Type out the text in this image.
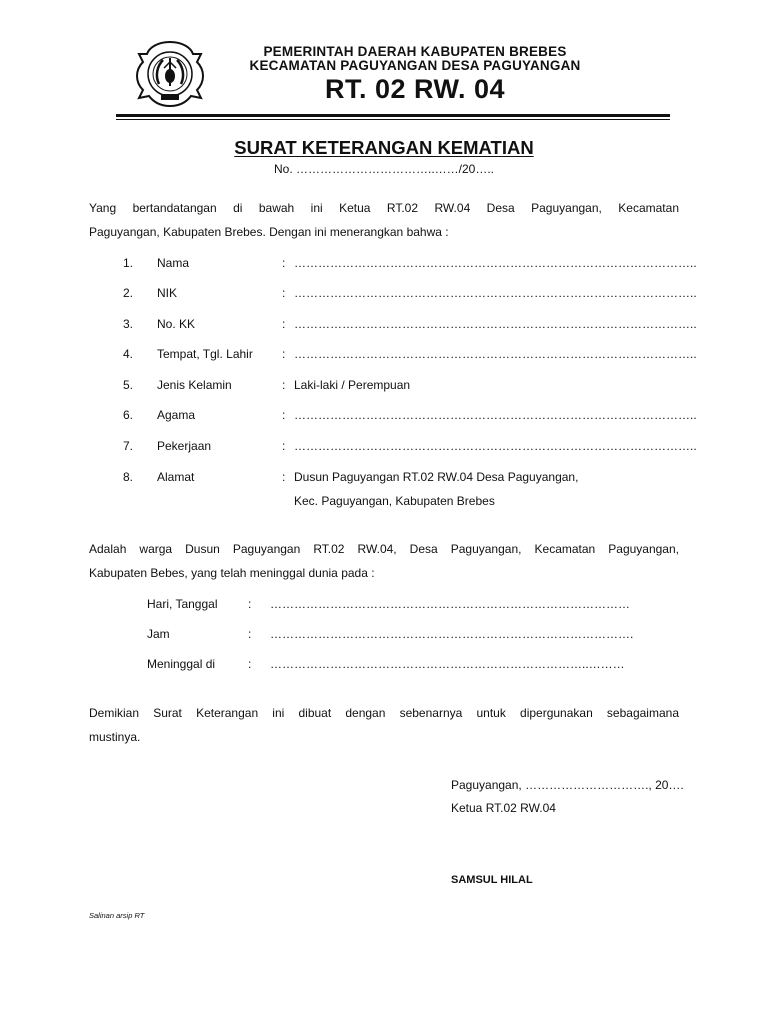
PEMERINTAH DAERAH KABUPATEN BREBES
KECAMATAN PAGUYANGAN DESA PAGUYANGAN
RT. 02 RW. 04
SURAT KETERANGAN KEMATIAN
No. ……………………………..……/20…..
Yang bertandatangan di bawah ini Ketua RT.02 RW.04 Desa Paguyangan, Kecamatan
Paguyangan, Kabupaten Brebes. Dengan ini menerangkan bahwa :
1. Nama	: ………………………………………………………………………………………..
2. NIK	: ………………………………………………………………………………………..
3. No. KK	: ………………………………………………………………………………………..
4. Tempat, Tgl. Lahir : ………………………………………………………………………………………..
5. Jenis Kelamin	: Laki-laki / Perempuan
6. Agama	: ………………………………………………………………………………………..
7. Pekerjaan	: ………………………………………………………………………………………..
8. Alamat	: Dusun Paguyangan RT.02 RW.04 Desa Paguyangan,
Kec. Paguyangan, Kabupaten Brebes
Adalah warga Dusun Paguyangan RT.02 RW.04, Desa Paguyangan, Kecamatan Paguyangan,
Kabupaten Bebes, yang telah meninggal dunia pada :
Hari, Tanggal	: ………………………………………………………………………………
Jam	: ……………………………………………………………………………….
Meninggal di	: ……………………………………………………………………..………
Demikian Surat Keterangan ini dibuat dengan sebenarnya untuk dipergunakan sebagaimana
mustinya.
Paguyangan, …………………………., 20….
Ketua RT.02 RW.04
SAMSUL HILAL
Salinan arsip RT
